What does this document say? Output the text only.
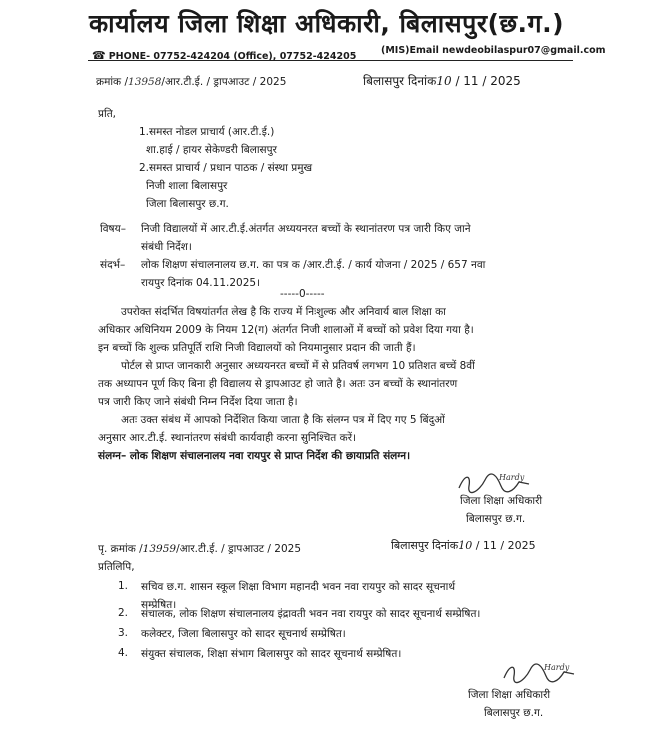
कार्यालय जिला शिक्षा अधिकारी, बिलासपुर(छ.ग.)
☎ PHONE- 07752-424204 (Office), 07752-424205
(MIS)Email newdeobilaspur07@gmail.com
क्रमांक /13958/आर.टी.ई. / ड्रापआउट / 2025	बिलासपुर दिनांक10 / 11 / 2025
प्रति,
1.समस्त नोडल प्राचार्य (आर.टी.ई.)
शा.हाई / हायर सेकेण्डरी बिलासपुर
2.समस्त प्राचार्य / प्रधान पाठक / संस्था प्रमुख
निजी शाला बिलासपुर
जिला बिलासपुर छ.ग.
विषय– निजी विद्यालयों में आर.टी.ई.अंतर्गत अध्ययनरत बच्चों के स्थानांतरण पत्र जारी किए जाने
संबंधी निर्देश।
संदर्भ– लोक शिक्षण संचालनालय छ.ग. का पत्र क /आर.टी.ई. / कार्य योजना / 2025 / 657 नवा
रायपुर दिनांक 04.11.2025।
-----0-----
उपरोक्त संदर्भित विषयांतर्गत लेख है कि राज्य में निःशुल्क और अनिवार्य बाल शिक्षा का
अधिकार अधिनियम 2009 के नियम 12(ग) अंतर्गत निजी शालाओं में बच्चों को प्रवेश दिया गया है।
इन बच्चों कि शुल्क प्रतिपूर्ति राशि निजी विद्यालयों को नियमानुसार प्रदान की जाती हैं।
पोर्टल से प्राप्त जानकारी अनुसार अध्ययनरत बच्चों में से प्रतिवर्ष लगभग 10 प्रतिशत बच्चें 8वीं
तक अध्यापन पूर्ण किए बिना ही विद्यालय से ड्रापआउट हो जाते है। अतः उन बच्चों के स्थानांतरण
पत्र जारी किए जाने संबंधी निम्न निर्देश दिया जाता है।
अतः उक्त संबंध में आपको निर्देशित किया जाता है कि संलग्न पत्र में दिए गए 5 बिंदुओं
अनुसार आर.टी.ई. स्थानांतरण संबंधी कार्यवाही करना सुनिश्चित करें।
संलग्न– लोक शिक्षण संचालनालय नवा रायपुर से प्राप्त निर्देश की छायाप्रति संलग्न।
Hardy
जिला शिक्षा अधिकारी
बिलासपुर छ.ग.
पृ. क्रमांक /13959/आर.टी.ई. / ड्रापआउट / 2025	बिलासपुर दिनांक10 / 11 / 2025
प्रतिलिपि,
1. सचिव छ.ग. शासन स्कूल शिक्षा विभाग महानदी भवन नवा रायपुर को सादर सूचनार्थ
सम्प्रेषित।
2. संचालक, लोक शिक्षण संचालनालय इंद्रावती भवन नवा रायपुर को सादर सूचनार्थ सम्प्रेषित।
3. कलेक्टर, जिला बिलासपुर को सादर सूचनार्थ सम्प्रेषित।
4. संयुक्त संचालक, शिक्षा संभाग बिलासपुर को सादर सूचनार्थ सम्प्रेषित।
Hardy
जिला शिक्षा अधिकारी
बिलासपुर छ.ग.
